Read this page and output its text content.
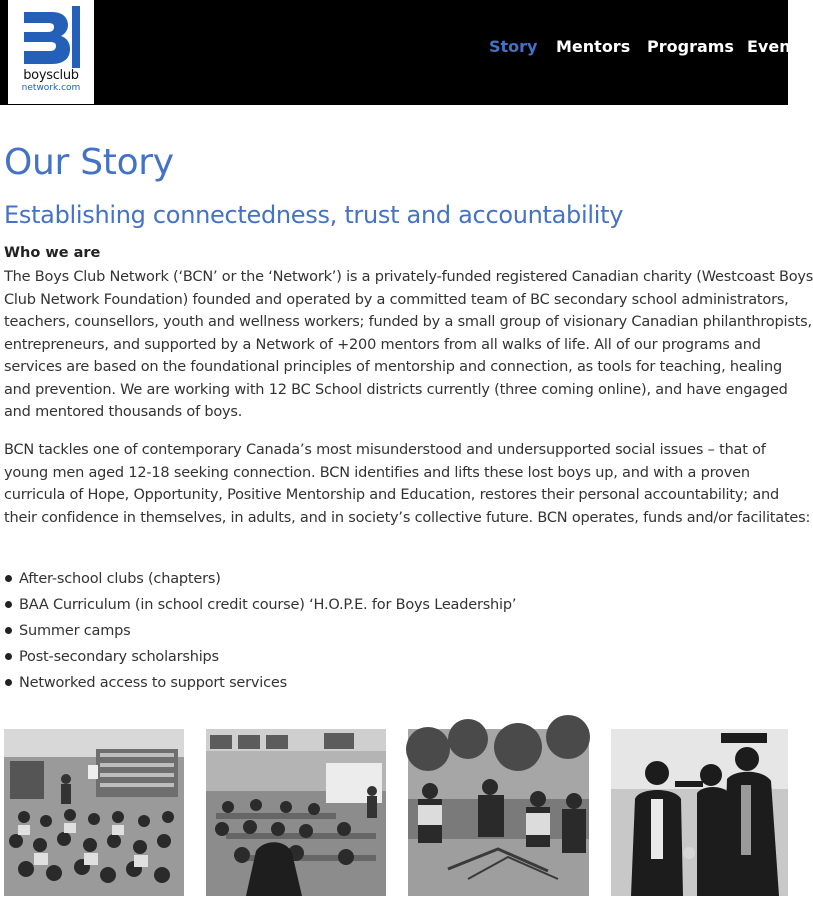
boysclub
network.com
Story Mentors Programs Events
Our Story
Establishing connectedness, trust and accountability
Who we are
The Boys Club Network (‘BCN’ or the ‘Network’) is a privately-funded registered Canadian charity (Westcoast Boys
Club Network Foundation) founded and operated by a committed team of BC secondary school administrators,
teachers, counsellors, youth and wellness workers; funded by a small group of visionary Canadian philanthropists,
entrepreneurs, and supported by a Network of +200 mentors from all walks of life. All of our programs and
services are based on the foundational principles of mentorship and connection, as tools for teaching, healing
and prevention. We are working with 12 BC School districts currently (three coming online), and have engaged
and mentored thousands of boys.
BCN tackles one of contemporary Canada’s most misunderstood and undersupported social issues – that of
young men aged 12-18 seeking connection. BCN identifies and lifts these lost boys up, and with a proven
curricula of Hope, Opportunity, Positive Mentorship and Education, restores their personal accountability; and
their confidence in themselves, in adults, and in society’s collective future. BCN operates, funds and/or facilitates:
After-school clubs (chapters)
BAA Curriculum (in school credit course) ‘H.O.P.E. for Boys Leadership’
Summer camps
Post-secondary scholarships
Networked access to support services
